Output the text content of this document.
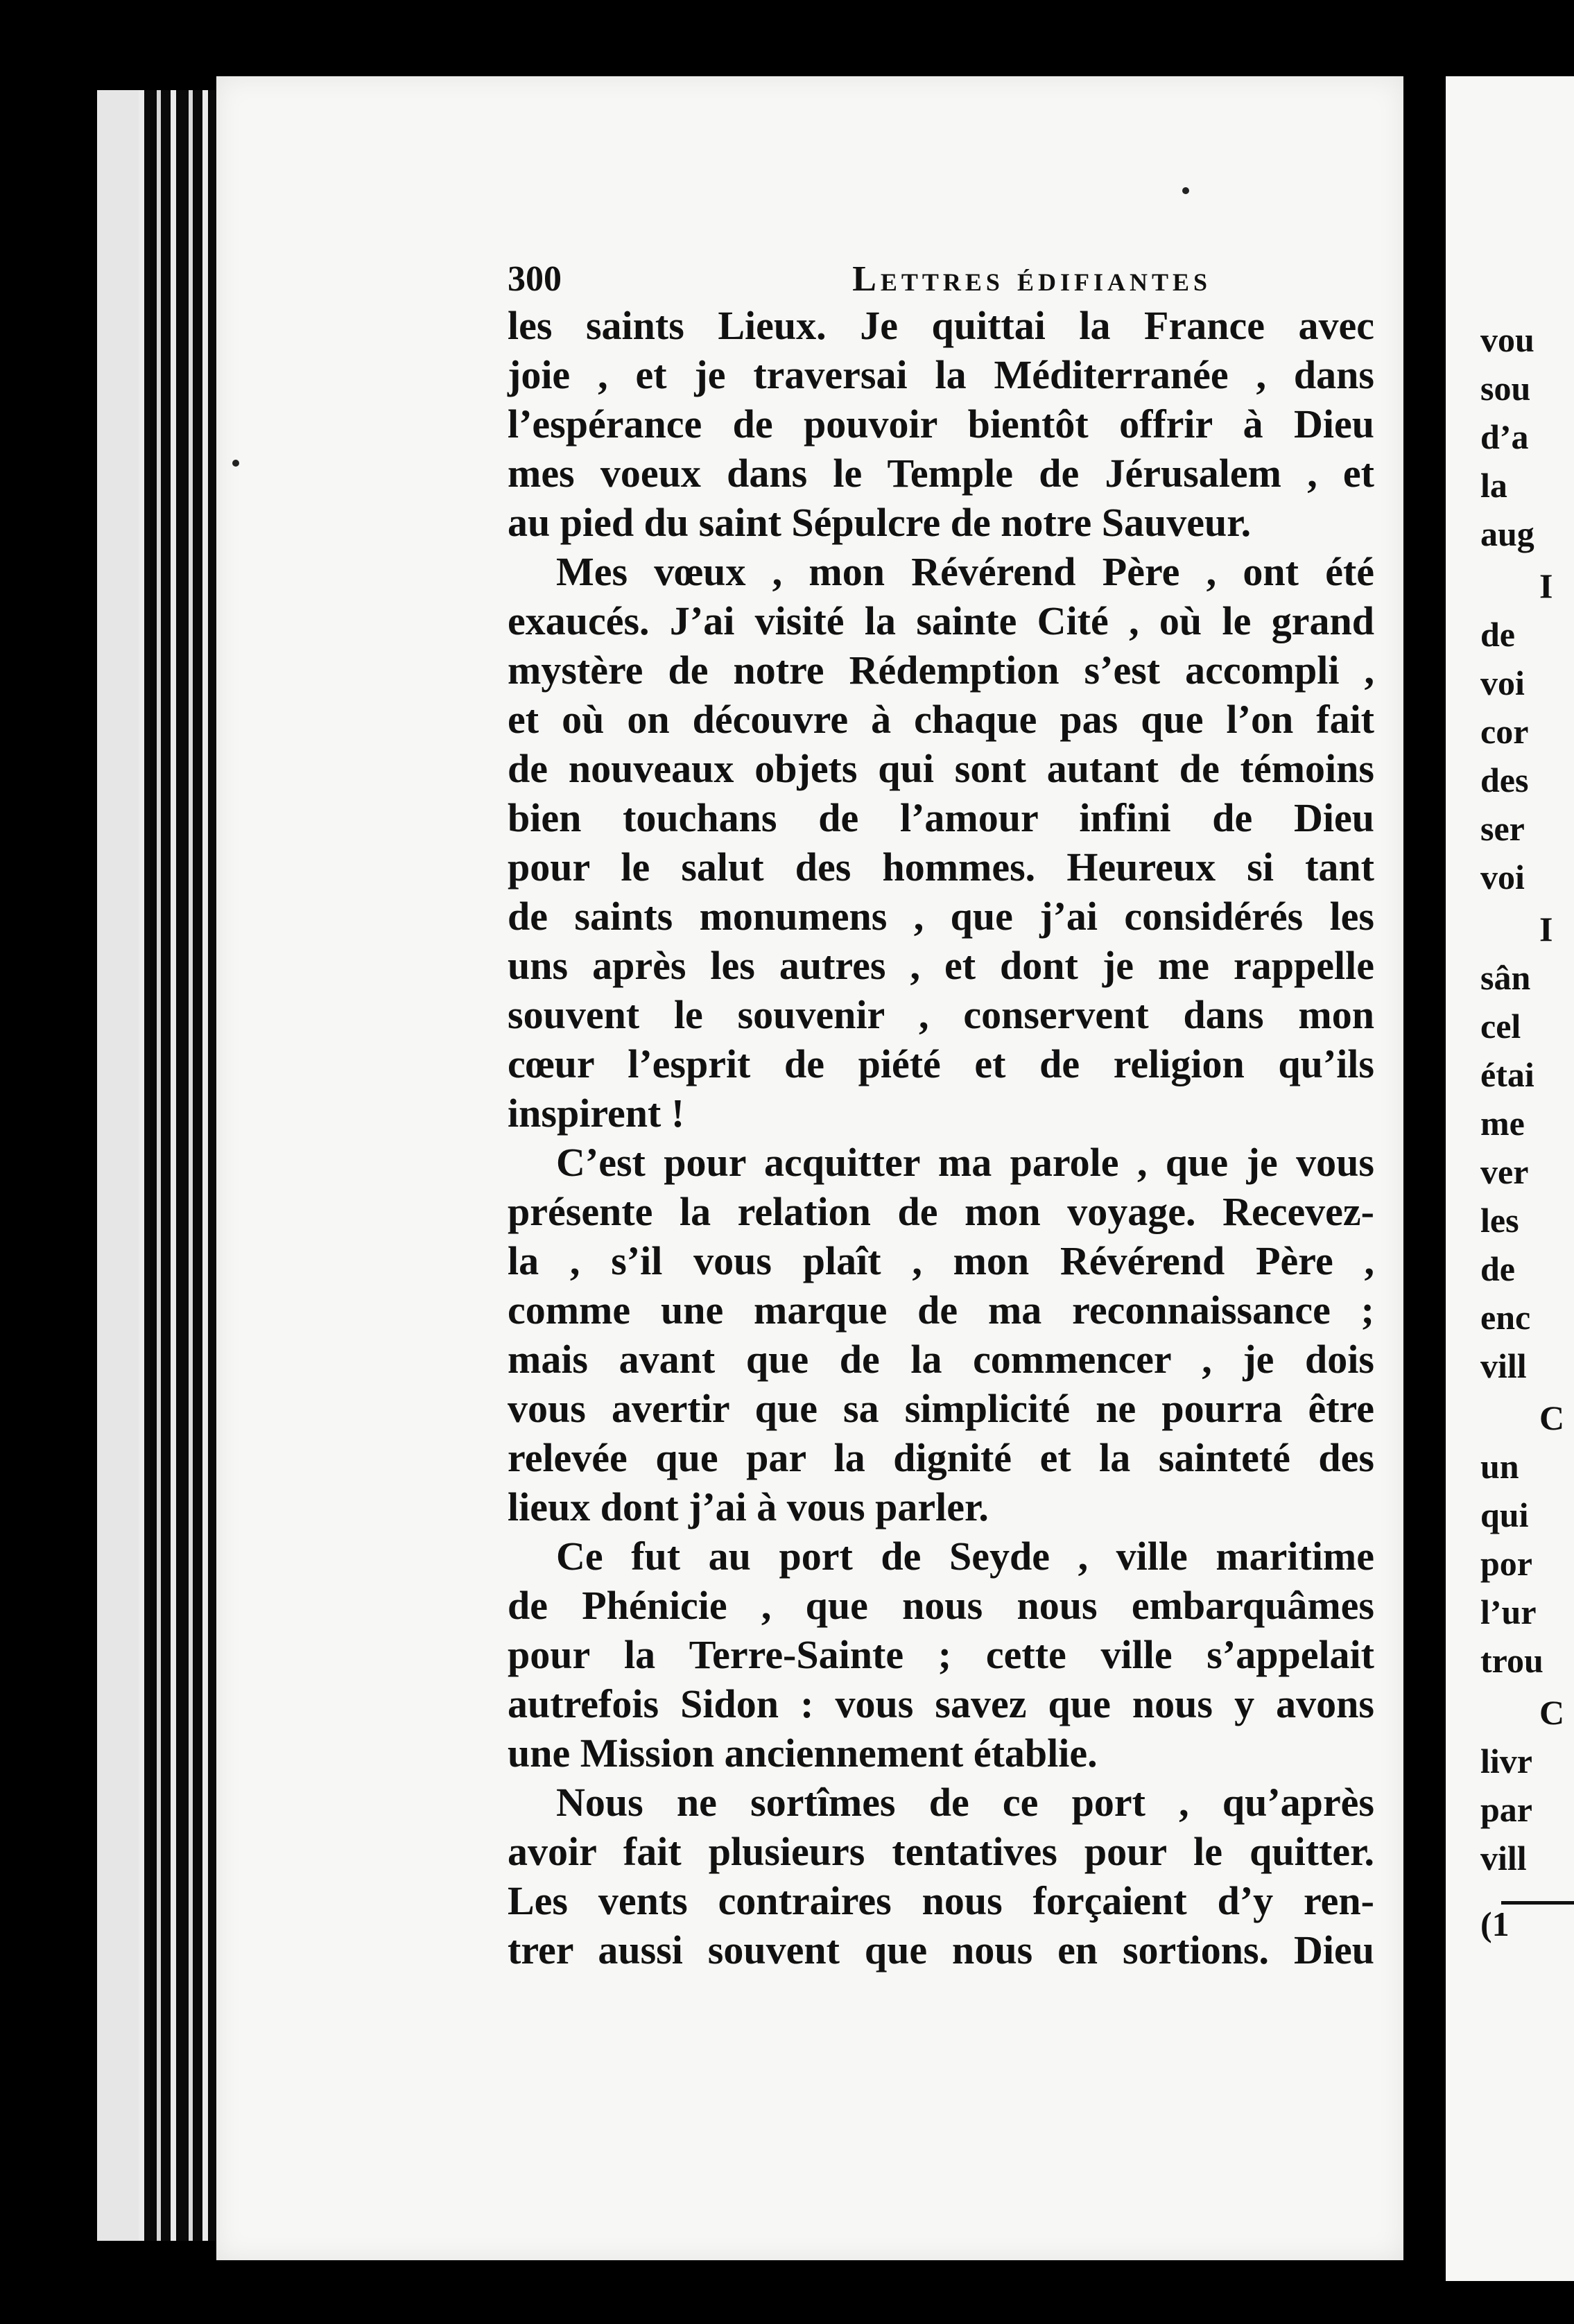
vou
sou
d’a
la
aug
I
de
voi
cor
des
ser
voi
I
sân
cel
étai
me
ver
les
de
enc
vill
C
un
qui
por
l’ur
trou
C
livr
par
vill
(1
300	Lettres édifiantes
les saints Lieux. Je quittai la France avec
joie , et je traversai la Méditerranée , dans
l’espérance de pouvoir bientôt offrir à Dieu
mes voeux dans le Temple de Jérusalem , et
au pied du saint Sépulcre de notre Sauveur.
Mes vœux , mon Révérend Père , ont été
exaucés. J’ai visité la sainte Cité , où le grand
mystère de notre Rédemption s’est accompli ,
et où on découvre à chaque pas que l’on fait
de nouveaux objets qui sont autant de témoins
bien touchans de l’amour infini de Dieu
pour le salut des hommes. Heureux si tant
de saints monumens , que j’ai considérés les
uns après les autres , et dont je me rappelle
souvent le souvenir , conservent dans mon
cœur l’esprit de piété et de religion qu’ils
inspirent !
C’est pour acquitter ma parole , que je vous
présente la relation de mon voyage. Recevez-
la , s’il vous plaît , mon Révérend Père ,
comme une marque de ma reconnaissance ;
mais avant que de la commencer , je dois
vous avertir que sa simplicité ne pourra être
relevée que par la dignité et la sainteté des
lieux dont j’ai à vous parler.
Ce fut au port de Seyde , ville maritime
de Phénicie , que nous nous embarquâmes
pour la Terre-Sainte ; cette ville s’appelait
autrefois Sidon : vous savez que nous y avons
une Mission anciennement établie.
Nous ne sortîmes de ce port , qu’après
avoir fait plusieurs tentatives pour le quitter.
Les vents contraires nous forçaient d’y ren-
trer aussi souvent que nous en sortions. Dieu
